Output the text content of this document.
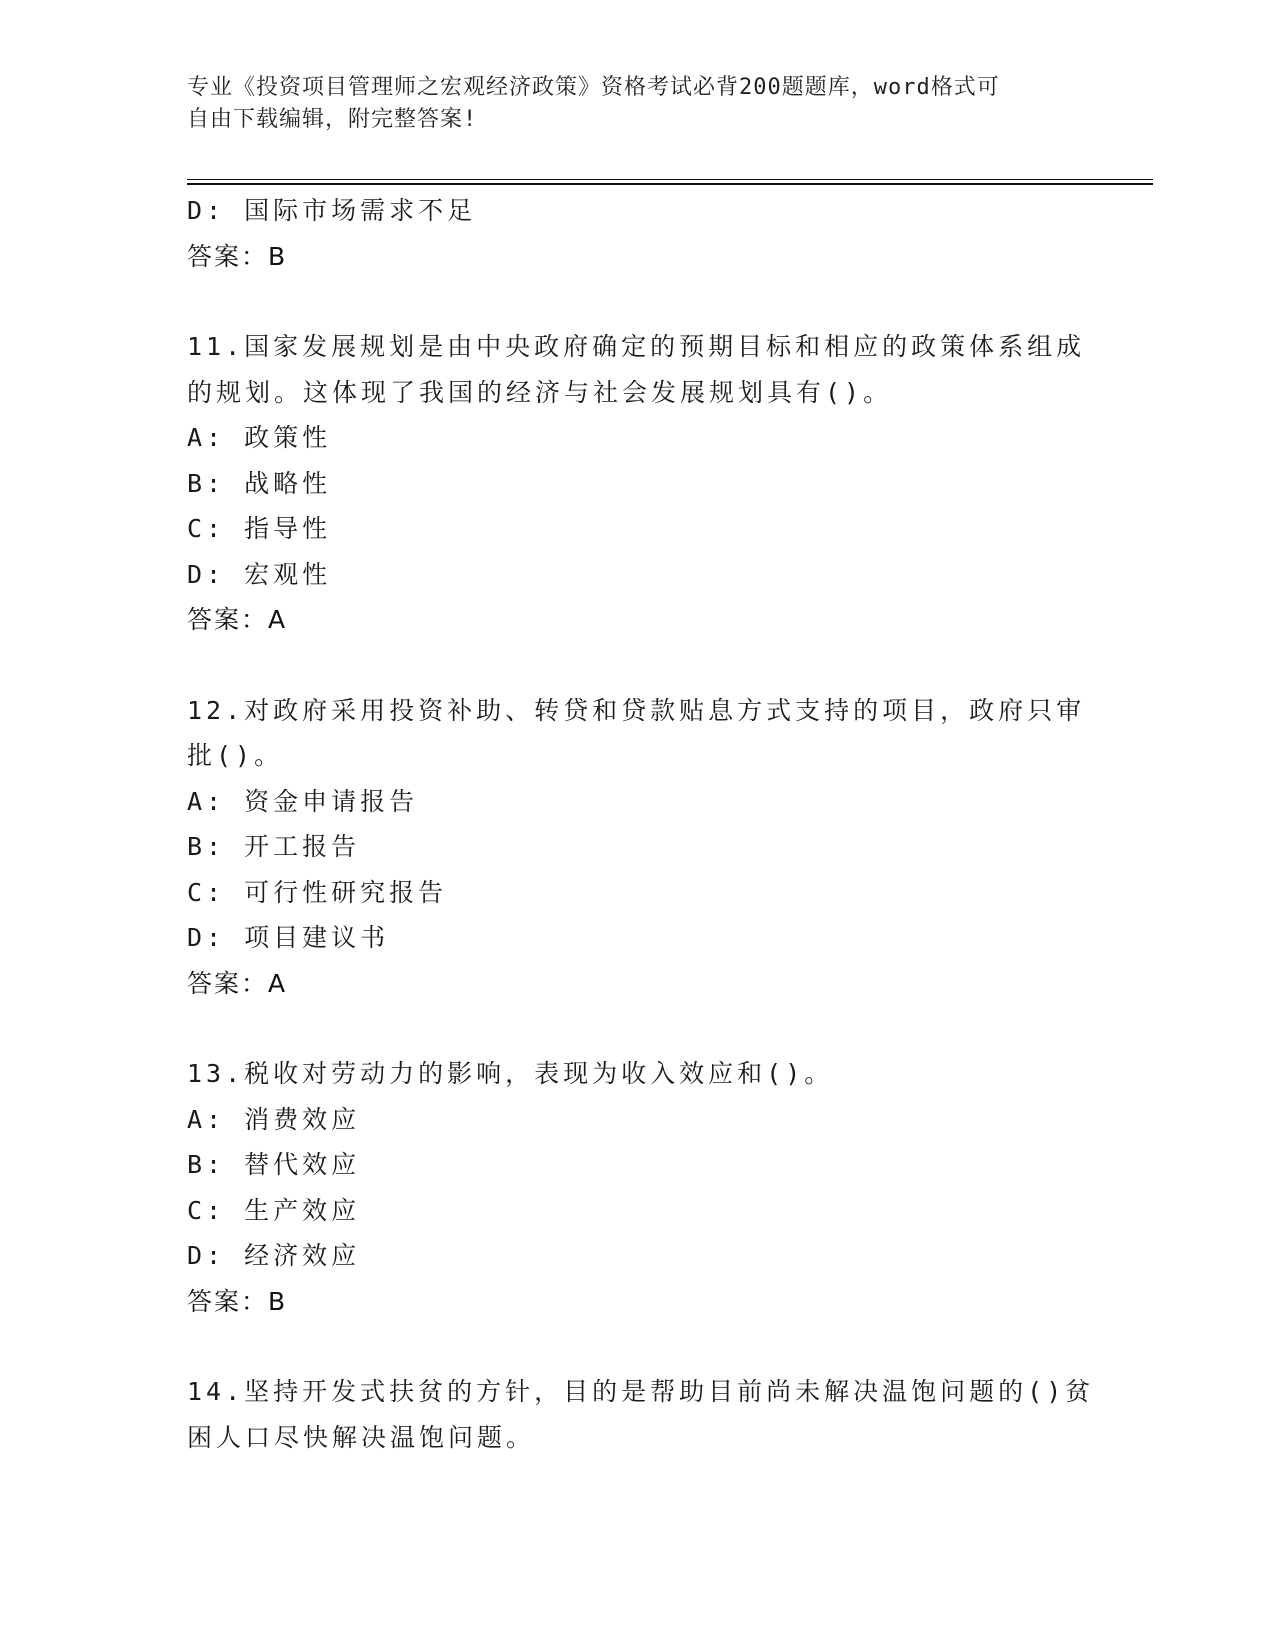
专业《投资项目管理师之宏观经济政策》资格考试必背200题题库，word格式可
自由下载编辑，附完整答案!
D: 国际市场需求不足
答案：B
11.国家发展规划是由中央政府确定的预期目标和相应的政策体系组成
的规划。这体现了我国的经济与社会发展规划具有()。
A: 政策性
B: 战略性
C: 指导性
D: 宏观性
答案：A
12.对政府采用投资补助、转贷和贷款贴息方式支持的项目，政府只审
批()。
A: 资金申请报告
B: 开工报告
C: 可行性研究报告
D: 项目建议书
答案：A
13.税收对劳动力的影响，表现为收入效应和()。
A: 消费效应
B: 替代效应
C: 生产效应
D: 经济效应
答案：B
14.坚持开发式扶贫的方针，目的是帮助目前尚未解决温饱问题的()贫
困人口尽快解决温饱问题。
